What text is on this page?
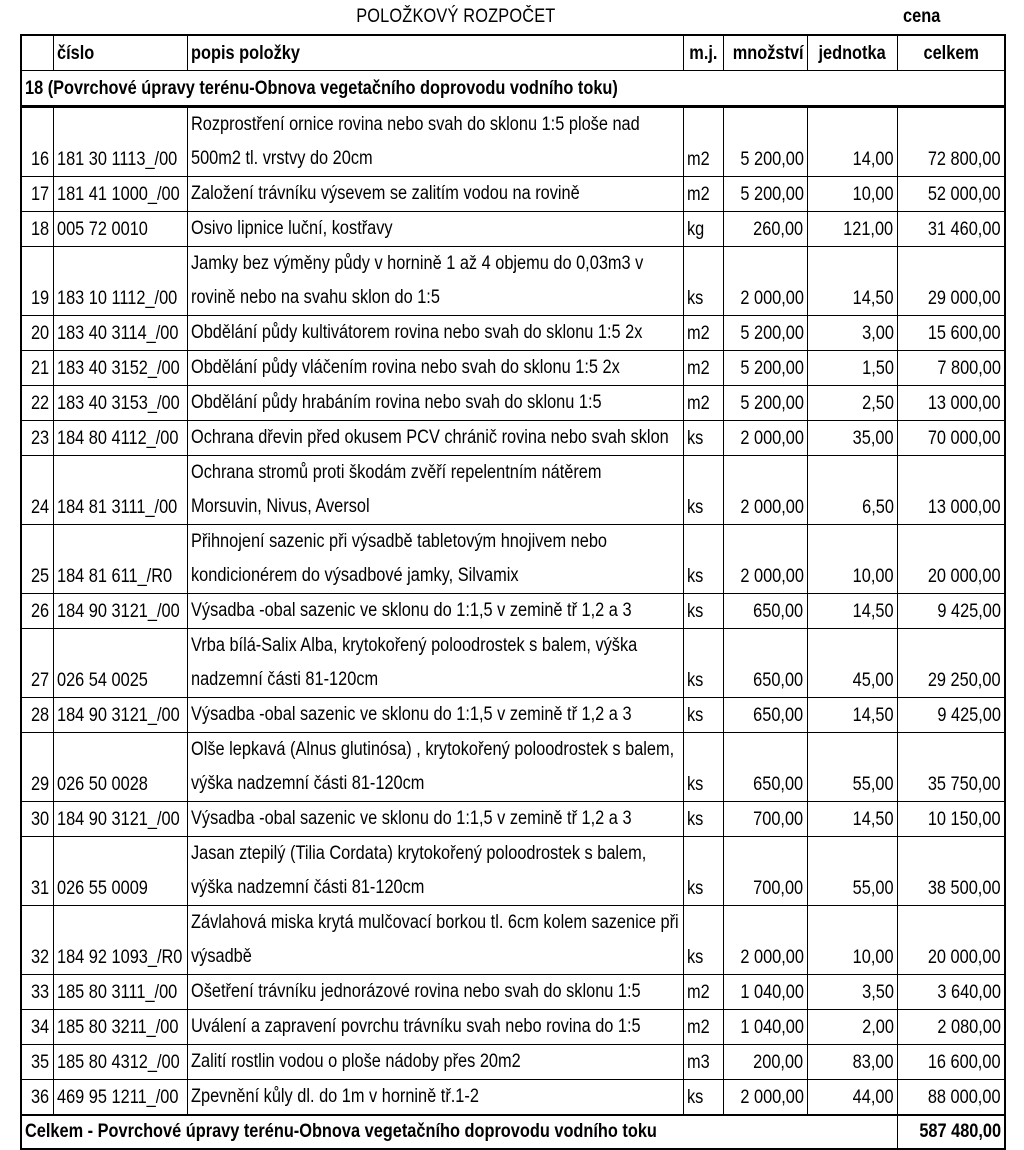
POLOŽKOVÝ ROZPOČET	cena
	číslo	popis položky	m.j.	množství	jednotka	celkem
18 (Povrchové úpravy terénu-Obnova vegetačního doprovodu vodního toku)						
16	181 30 1113_/00	Rozprostření ornice rovina nebo svah do sklonu 1:5 ploše nad
500m2 tl. vrstvy do 20cm	m2	5 200,00	14,00	72 800,00
17	181 41 1000_/00	Založení trávníku výsevem se zalitím vodou na rovině	m2	5 200,00	10,00	52 000,00
18	005 72 0010	Osivo lipnice luční, kostřavy	kg	260,00	121,00	31 460,00
19	183 10 1112_/00	Jamky bez výměny půdy v hornině 1 až 4 objemu do 0,03m3 v
rovině nebo na svahu sklon do 1:5	ks	2 000,00	14,50	29 000,00
20	183 40 3114_/00	Obdělání půdy kultivátorem rovina nebo svah do sklonu 1:5 2x	m2	5 200,00	3,00	15 600,00
21	183 40 3152_/00	Obdělání půdy vláčením rovina nebo svah do sklonu 1:5 2x	m2	5 200,00	1,50	7 800,00
22	183 40 3153_/00	Obdělání půdy hrabáním rovina nebo svah do sklonu 1:5	m2	5 200,00	2,50	13 000,00
23	184 80 4112_/00	Ochrana dřevin před okusem PCV chránič rovina nebo svah sklon	ks	2 000,00	35,00	70 000,00
24	184 81 3111_/00	Ochrana stromů proti škodám zvěří repelentním nátěrem
Morsuvin, Nivus, Aversol	ks	2 000,00	6,50	13 000,00
25	184 81 611_/R0	Přihnojení sazenic při výsadbě tabletovým hnojivem nebo
kondicionérem do výsadbové jamky, Silvamix	ks	2 000,00	10,00	20 000,00
26	184 90 3121_/00	Výsadba -obal sazenic ve sklonu do 1:1,5 v zemině tř 1,2 a 3	ks	650,00	14,50	9 425,00
27	026 54 0025	Vrba bílá-Salix Alba, krytokořený poloodrostek s balem, výška
nadzemní části 81-120cm	ks	650,00	45,00	29 250,00
28	184 90 3121_/00	Výsadba -obal sazenic ve sklonu do 1:1,5 v zemině tř 1,2 a 3	ks	650,00	14,50	9 425,00
29	026 50 0028	Olše lepkavá (Alnus glutinósa) , krytokořený poloodrostek s balem,
výška nadzemní části 81-120cm	ks	650,00	55,00	35 750,00
30	184 90 3121_/00	Výsadba -obal sazenic ve sklonu do 1:1,5 v zemině tř 1,2 a 3	ks	700,00	14,50	10 150,00
31	026 55 0009	Jasan ztepilý (Tilia Cordata) krytokořený poloodrostek s balem,
výška nadzemní části 81-120cm	ks	700,00	55,00	38 500,00
32	184 92 1093_/R0	Závlahová miska krytá mulčovací borkou tl. 6cm kolem sazenice při
výsadbě	ks	2 000,00	10,00	20 000,00
33	185 80 3111_/00	Ošetření trávníku jednorázové rovina nebo svah do sklonu 1:5	m2	1 040,00	3,50	3 640,00
34	185 80 3211_/00	Uválení a zapravení povrchu trávníku svah nebo rovina do 1:5	m2	1 040,00	2,00	2 080,00
35	185 80 4312_/00	Zalití rostlin vodou o ploše nádoby přes 20m2	m3	200,00	83,00	16 600,00
36	469 95 1211_/00	Zpevnění kůly dl. do 1m v hornině tř.1-2	ks	2 000,00	44,00	88 000,00
Celkem - Povrchové úpravy terénu-Obnova vegetačního doprovodu vodního toku						587 480,00
